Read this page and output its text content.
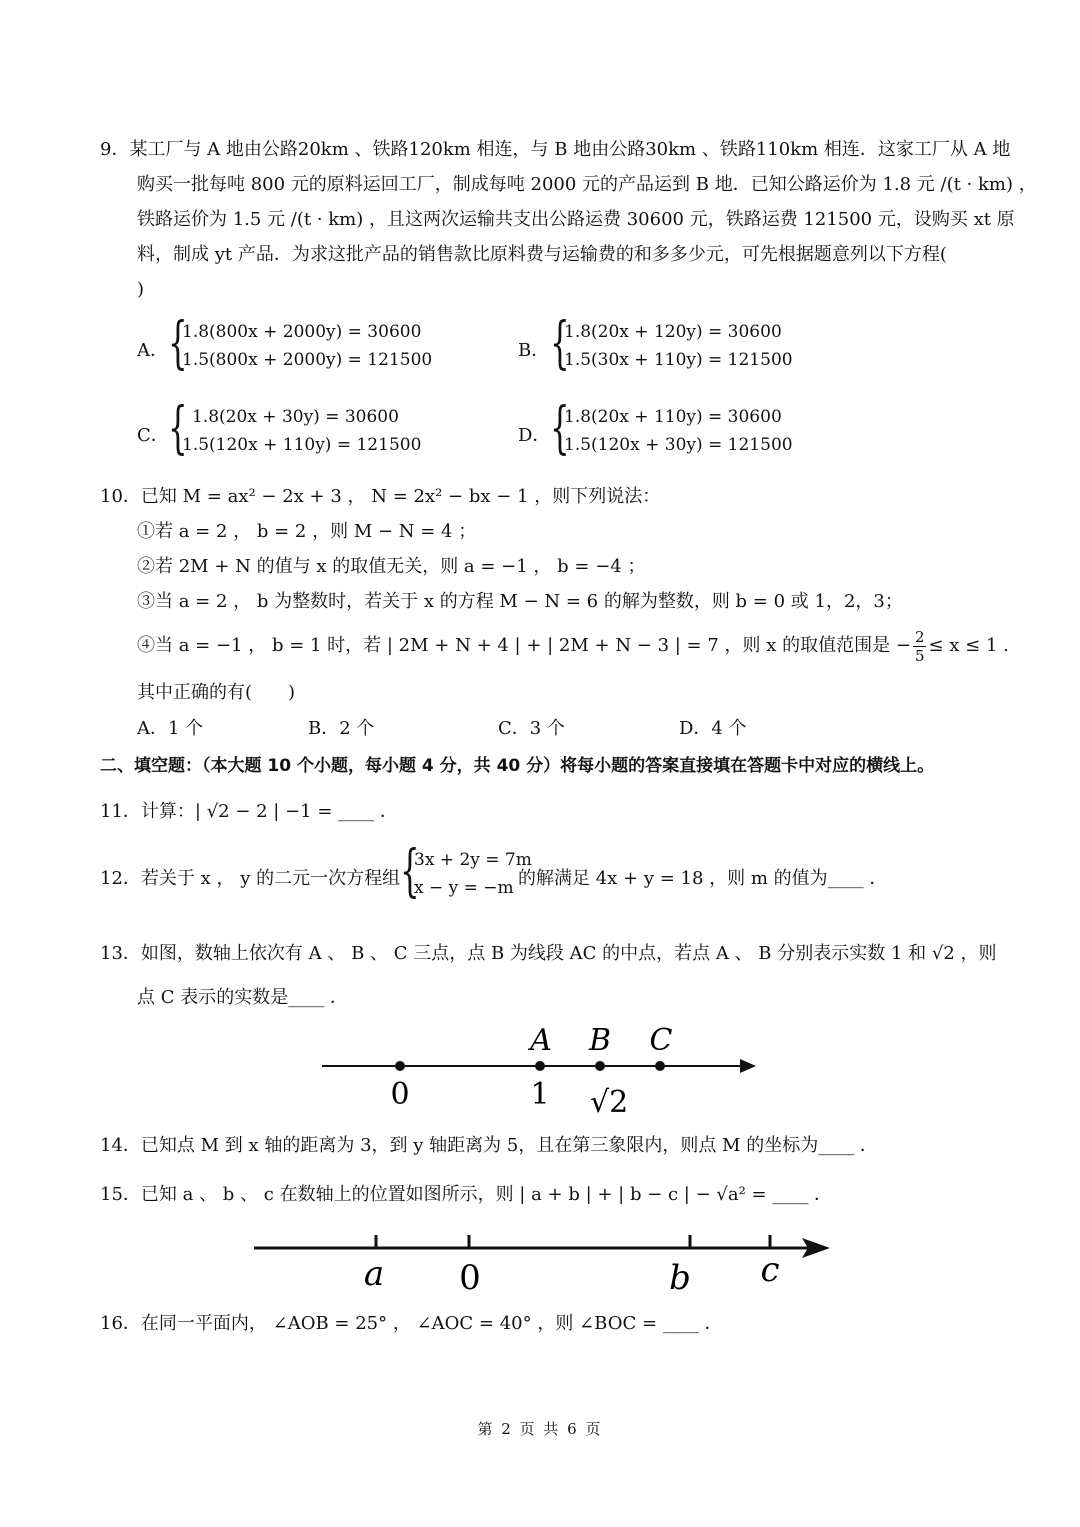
9．某工厂与 A 地由公路20km 、铁路120km 相连，与 B 地由公路30km 、铁路110km 相连．这家工厂从 A 地
购买一批每吨 800 元的原料运回工厂，制成每吨 2000 元的产品运到 B 地．已知公路运价为 1.8 元 /(t · km) ，
铁路运价为 1.5 元 /(t · km) ，且这两次运输共支出公路运费 30600 元，铁路运费 121500 元，设购买 xt 原
料，制成 yt 产品．为求这批产品的销售款比原料费与运输费的和多多少元，可先根据题意列以下方程(
)
A． {
1.8(800x + 2000y) = 30600
1.5(800x + 2000y) = 121500	B． {
1.8(20x + 120y) = 30600
1.5(30x + 110y) = 121500
C． { 1.8(20x + 30y) = 30600
1.5(120x + 110y) = 121500	D． {
1.8(20x + 110y) = 30600
1.5(120x + 30y) = 121500
10．已知 M = ax² − 2x + 3 ， N = 2x² − bx − 1 ，则下列说法：
①若 a = 2 ， b = 2 ，则 M − N = 4 ；
②若 2M + N 的值与 x 的取值无关，则 a = −1 ， b = −4 ；
③当 a = 2 ， b 为整数时，若关于 x 的方程 M − N = 6 的解为整数，则 b = 0 或 1，2，3；
④当 a = −1 ， b = 1 时，若 | 2M + N + 4 | + | 2M + N − 3 | = 7 ，则 x 的取值范围是 − $\frac{2}{5} \le x \le 1$ .
其中正确的有(　　)
A．1 个	B．2 个	C．3 个	D．4 个
二、填空题：（本大题 10 个小题，每小题 4 分，共 40 分）将每小题的答案直接填在答题卡中对应的横线上。
11．计算：| √2 − 2 | −1 = ____ ．
12．若关于 x ， y 的二元一次方程组 {
3x + 2y = 7m
x − y = −m 的解满足 4x + y = 18 ，则 m 的值为____ ．
13．如图，数轴上依次有 A 、 B 、 C 三点，点 B 为线段 AC 的中点，若点 A 、 B 分别表示实数 1 和 √2 ，则
点 C 表示的实数是____ ．
A B C
0	1 √2
14．已知点 M 到 x 轴的距离为 3，到 y 轴距离为 5，且在第三象限内，则点 M 的坐标为____ ．
15．已知 a 、 b 、 c 在数轴上的位置如图所示，则 | a + b | + | b − c | − √a² = ____ ．
a 0	b c
16．在同一平面内， ∠AOB = 25° ， ∠AOC = 40° ，则 ∠BOC = ____ ．
第 2 页 共 6 页
